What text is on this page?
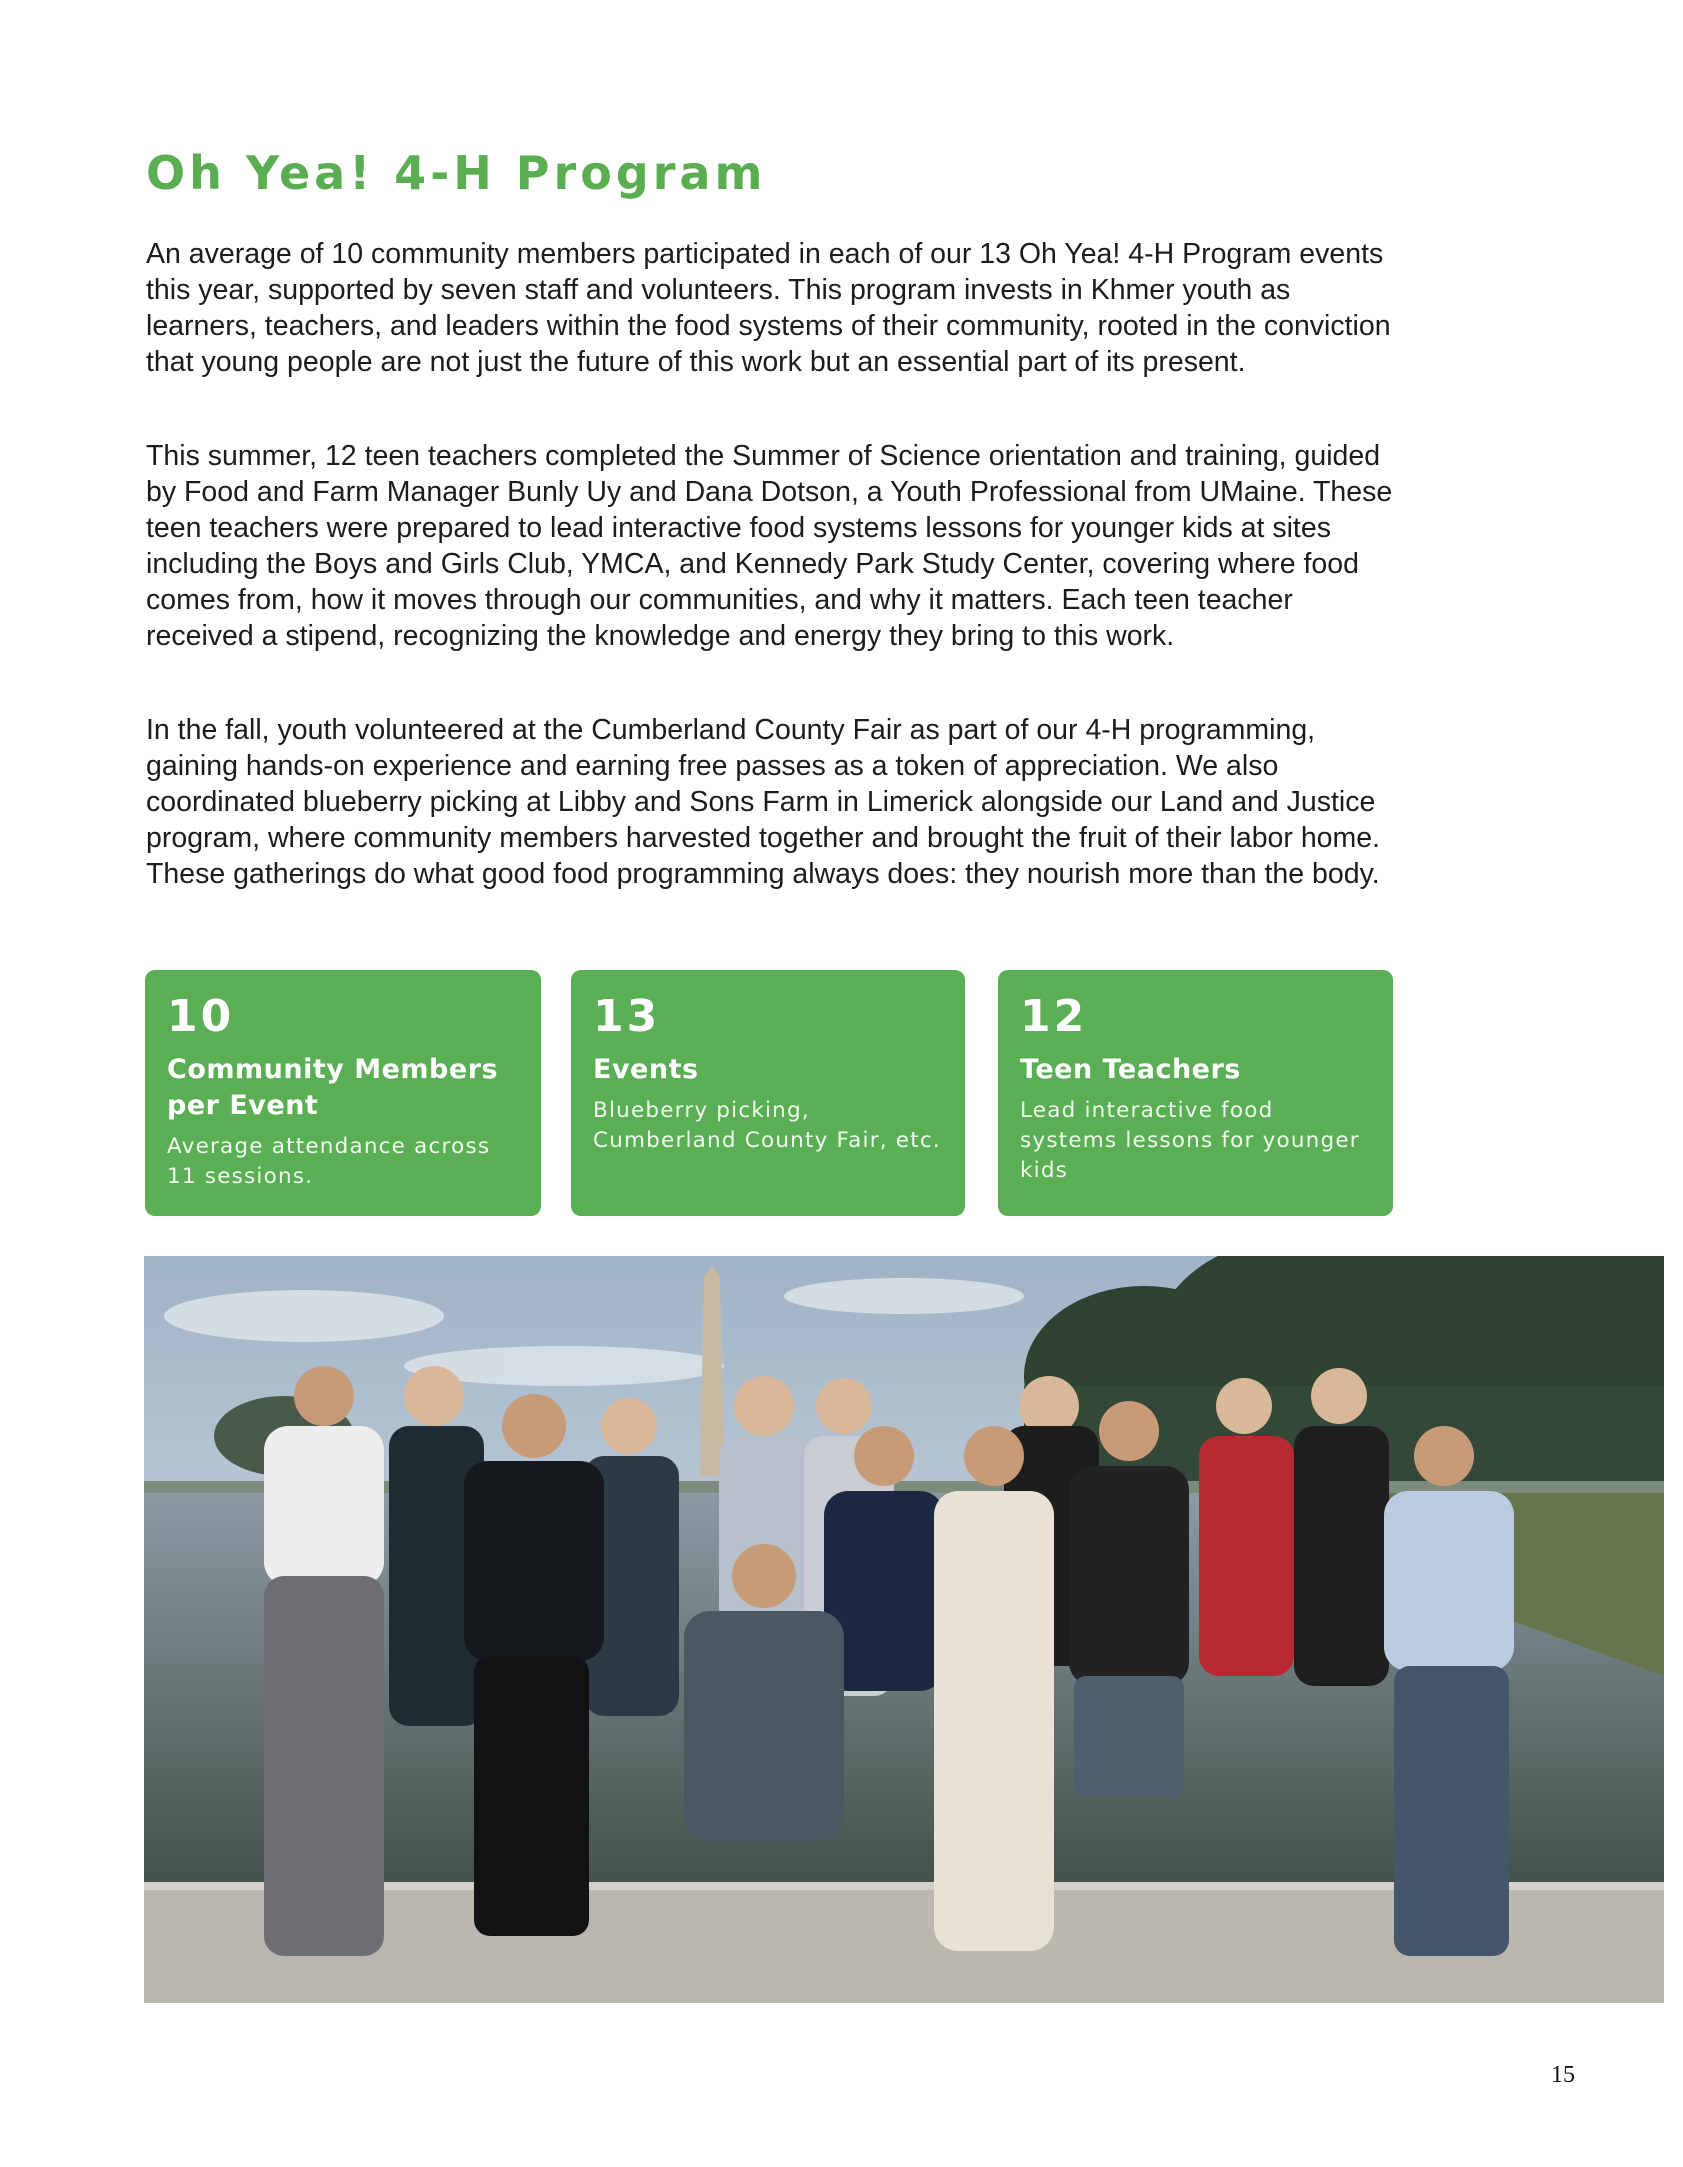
Oh Yea! 4-H Program

An average of 10 community members participated in each of our 13 Oh Yea! 4-H Program events this year, supported by seven staff and volunteers. This program invests in Khmer youth as learners, teachers, and leaders within the food systems of their community, rooted in the conviction that young people are not just the future of this work but an essential part of its present.

This summer, 12 teen teachers completed the Summer of Science orientation and training, guided by Food and Farm Manager Bunly Uy and Dana Dotson, a Youth Professional from UMaine. These teen teachers were prepared to lead interactive food systems lessons for younger kids at sites including the Boys and Girls Club, YMCA, and Kennedy Park Study Center, covering where food comes from, how it moves through our communities, and why it matters. Each teen teacher received a stipend, recognizing the knowledge and energy they bring to this work.

In the fall, youth volunteered at the Cumberland County Fair as part of our 4-H programming, gaining hands-on experience and earning free passes as a token of appreciation. We also coordinated blueberry picking at Libby and Sons Farm in Limerick alongside our Land and Justice program, where community members harvested together and brought the fruit of their labor home. These gatherings do what good food programming always does: they nourish more than the body.

10
Community Members per Event
Average attendance across 11 sessions.
13
Events
Blueberry picking, Cumberland County Fair, etc.
12
Teen Teachers
Lead interactive food systems lessons for younger kids
15
